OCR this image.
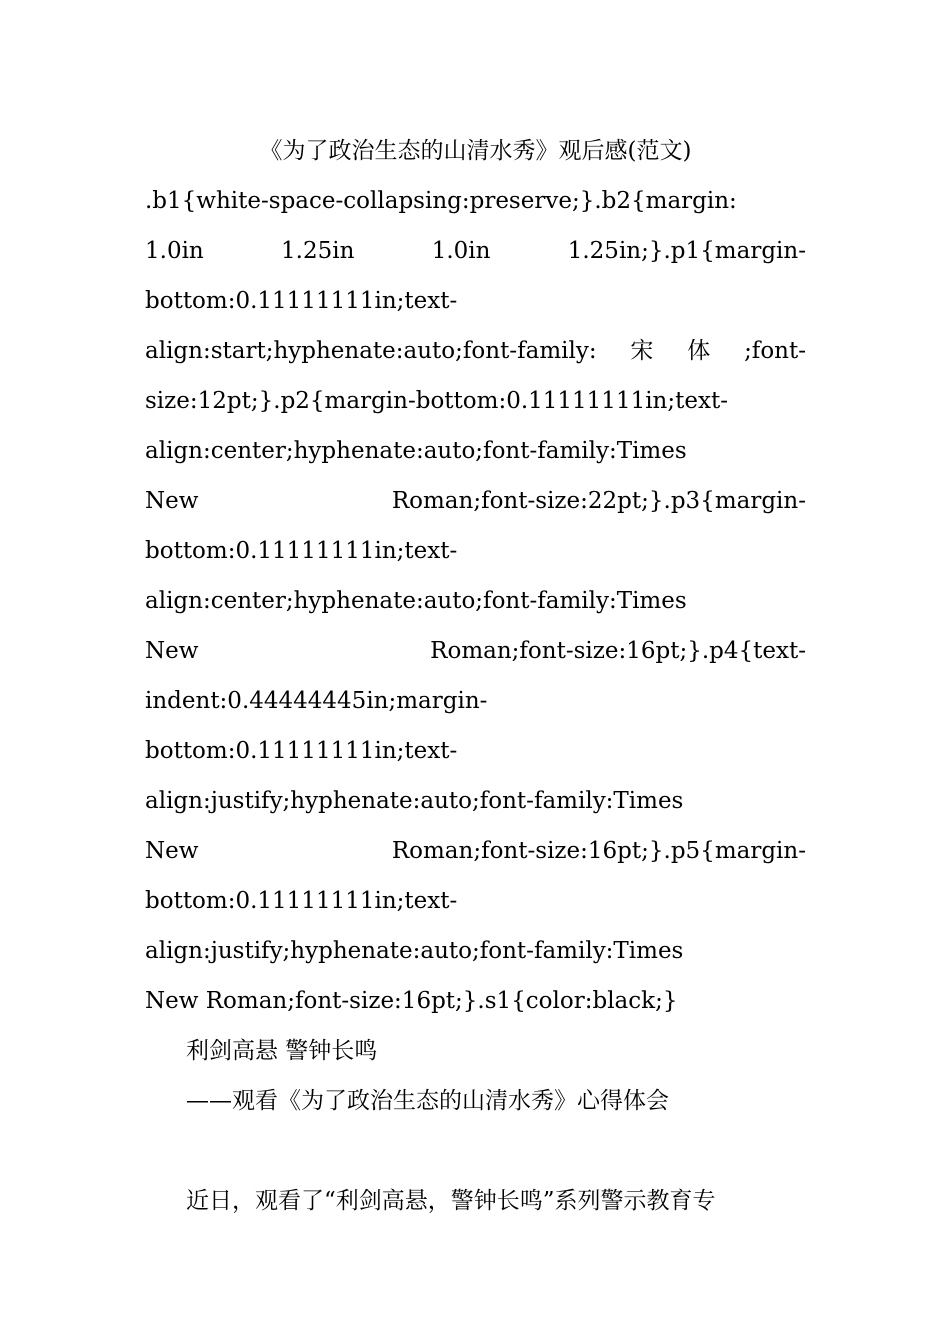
《为了政治生态的山清水秀》观后感(范文)
.b1{white-space-collapsing:preserve;}.b2{margin:
1.0in	1.25in	1.0in	1.25in;}.p1{margin-
bottom:0.11111111in;text-
align:start;hyphenate:auto;font-family: 宋 体 ;font-
size:12pt;}.p2{margin-bottom:0.11111111in;text-
align:center;hyphenate:auto;font-family:Times
New	Roman;font-size:22pt;}.p3{margin-
bottom:0.11111111in;text-
align:center;hyphenate:auto;font-family:Times
New	Roman;font-size:16pt;}.p4{text-
indent:0.44444445in;margin-
bottom:0.11111111in;text-
align:justify;hyphenate:auto;font-family:Times
New	Roman;font-size:16pt;}.p5{margin-
bottom:0.11111111in;text-
align:justify;hyphenate:auto;font-family:Times
New Roman;font-size:16pt;}.s1{color:black;}
利剑高悬 警钟长鸣
——观看《为了政治生态的山清水秀》心得体会
近日，观看了“利剑高悬，警钟长鸣”系列警示教育专
